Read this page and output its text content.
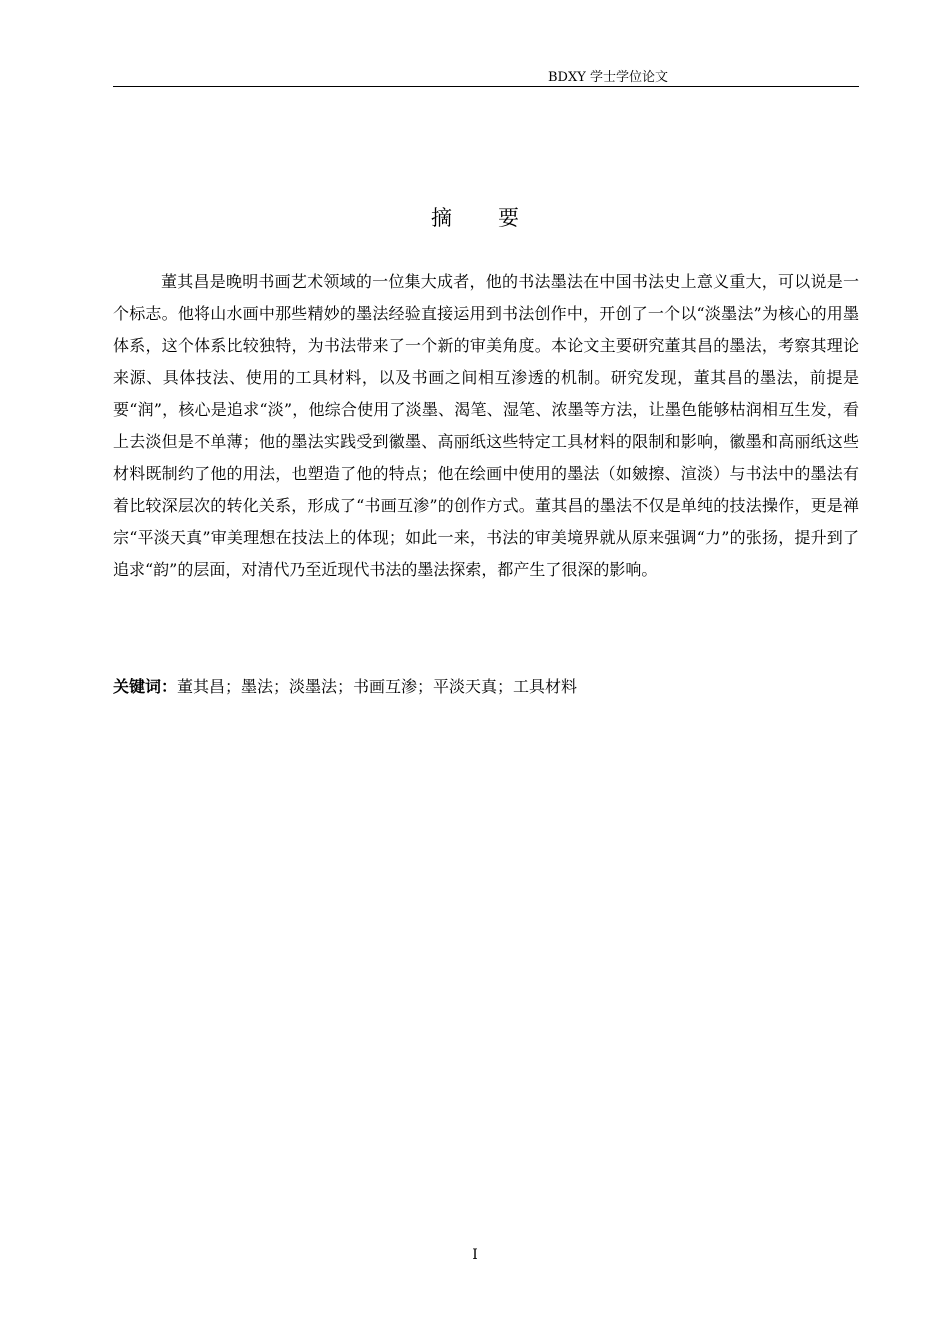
BDXY 学士学位论文
摘要

董其昌是晚明书画艺术领域的一位集大成者，他的书法墨法在中国书法史上意义重大，可以说是一个标志。他将山水画中那些精妙的墨法经验直接运用到书法创作中，开创了一个以“淡墨法”为核心的用墨体系，这个体系比较独特，为书法带来了一个新的审美角度。本论文主要研究董其昌的墨法，考察其理论来源、具体技法、使用的工具材料，以及书画之间相互渗透的机制。研究发现，董其昌的墨法，前提是要“润”，核心是追求“淡”，他综合使用了淡墨、渴笔、湿笔、浓墨等方法，让墨色能够枯润相互生发，看上去淡但是不单薄；他的墨法实践受到徽墨、高丽纸这些特定工具材料的限制和影响，徽墨和高丽纸这些材料既制约了他的用法，也塑造了他的特点；他在绘画中使用的墨法（如皴擦、渲淡）与书法中的墨法有着比较深层次的转化关系，形成了“书画互渗”的创作方式。董其昌的墨法不仅是单纯的技法操作，更是禅宗“平淡天真”审美理想在技法上的体现；如此一来，书法的审美境界就从原来强调“力”的张扬，提升到了追求“韵”的层面，对清代乃至近现代书法的墨法探索，都产生了很深的影响。

关键词：董其昌；墨法；淡墨法；书画互渗；平淡天真；工具材料
I
